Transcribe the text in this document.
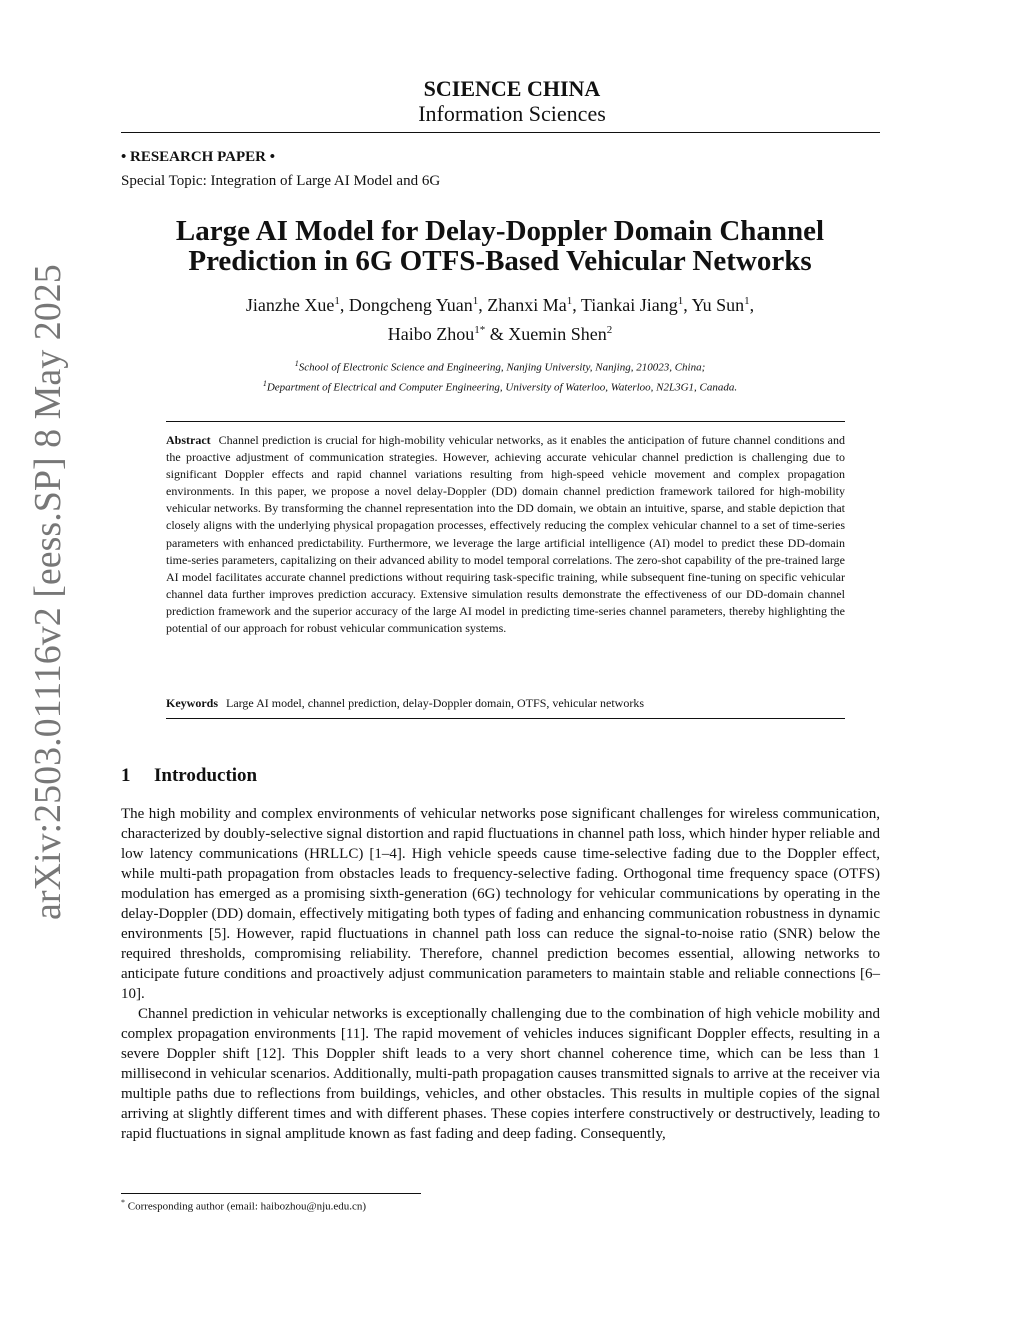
arXiv:2503.01116v2 [eess.SP] 8 May 2025
SCIENCE CHINA
Information Sciences
• RESEARCH PAPER •
Special Topic: Integration of Large AI Model and 6G
Large AI Model for Delay-Doppler Domain Channel
Prediction in 6G OTFS-Based Vehicular Networks
Jianzhe Xue$^1$, Dongcheng Yuan$^1$, Zhanxi Ma$^1$, Tiankai Jiang$^1$, Yu Sun$^1$,
Haibo Zhou$^{1*}$ & Xuemin Shen$^2$
$^1$School of Electronic Science and Engineering, Nanjing University, Nanjing, 210023, China;
$^1$Department of Electrical and Computer Engineering, University of Waterloo, Waterloo, N2L3G1, Canada.
Abstract Channel prediction is crucial for high-mobility vehicular networks, as it enables the anticipation of future channel conditions and the proactive adjustment of communication strategies. However, achieving accurate vehicular channel prediction is challenging due to significant Doppler effects and rapid channel variations resulting from high-speed vehicle movement and complex propagation environments. In this paper, we propose a novel delay-Doppler (DD) domain channel prediction framework tailored for high-mobility vehicular networks. By transforming the channel representation into the DD domain, we obtain an intuitive, sparse, and stable depiction that closely aligns with the underlying physical propagation processes, effectively reducing the complex vehicular channel to a set of time-series parameters with enhanced predictability. Furthermore, we leverage the large artificial intelligence (AI) model to predict these DD-domain time-series parameters, capitalizing on their advanced ability to model temporal correlations. The zero-shot capability of the pre-trained large AI model facilitates accurate channel predictions without requiring task-specific training, while subsequent fine-tuning on specific vehicular channel data further improves prediction accuracy. Extensive simulation results demonstrate the effectiveness of our DD-domain channel prediction framework and the superior accuracy of the large AI model in predicting time-series channel parameters, thereby highlighting the potential of our approach for robust vehicular communication systems.
Keywords Large AI model, channel prediction, delay-Doppler domain, OTFS, vehicular networks
1 Introduction

The high mobility and complex environments of vehicular networks pose significant challenges for wireless communication, characterized by doubly-selective signal distortion and rapid fluctuations in channel path loss, which hinder hyper reliable and low latency communications (HRLLC) [1–4]. High vehicle speeds cause time-selective fading due to the Doppler effect, while multi-path propagation from obstacles leads to frequency-selective fading. Orthogonal time frequency space (OTFS) modulation has emerged as a promising sixth-generation (6G) technology for vehicular communications by operating in the delay-Doppler (DD) domain, effectively mitigating both types of fading and enhancing communication robustness in dynamic environments [5]. However, rapid fluctuations in channel path loss can reduce the signal-to-noise ratio (SNR) below the required thresholds, compromising reliability. Therefore, channel prediction becomes essential, allowing networks to anticipate future conditions and proactively adjust communication parameters to maintain stable and reliable connections [6–10].

Channel prediction in vehicular networks is exceptionally challenging due to the combination of high vehicle mobility and complex propagation environments [11]. The rapid movement of vehicles induces significant Doppler effects, resulting in a severe Doppler shift [12]. This Doppler shift leads to a very short channel coherence time, which can be less than 1 millisecond in vehicular scenarios. Additionally, multi-path propagation causes transmitted signals to arrive at the receiver via multiple paths due to reflections from buildings, vehicles, and other obstacles. This results in multiple copies of the signal arriving at slightly different times and with different phases. These copies interfere constructively or destructively, leading to rapid fluctuations in signal amplitude known as fast fading and deep fading. Consequently,

* Corresponding author (email: haibozhou@nju.edu.cn)
